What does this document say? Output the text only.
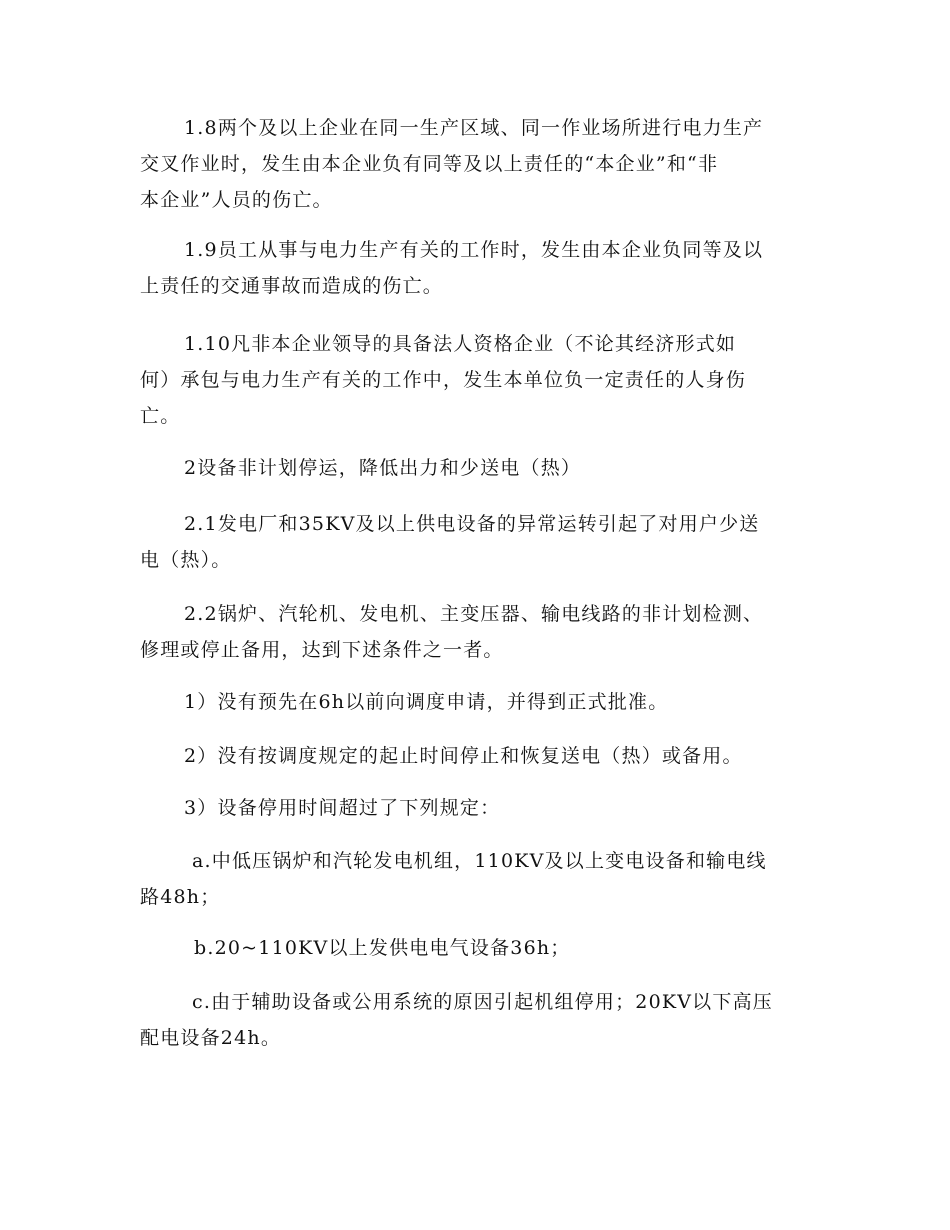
1.8两个及以上企业在同一生产区域、同一作业场所进行电力生产
交叉作业时，发生由本企业负有同等及以上责任的“本企业”和“非
本企业”人员的伤亡。

1.9员工从事与电力生产有关的工作时，发生由本企业负同等及以
上责任的交通事故而造成的伤亡。

1.10凡非本企业领导的具备法人资格企业（不论其经济形式如
何）承包与电力生产有关的工作中，发生本单位负一定责任的人身伤
亡。

2设备非计划停运，降低出力和少送电（热）

2.1发电厂和35KV及以上供电设备的异常运转引起了对用户少送
电（热）。

2.2锅炉、汽轮机、发电机、主变压器、输电线路的非计划检测、
修理或停止备用，达到下述条件之一者。

1）没有预先在6h以前向调度申请，并得到正式批准。

2）没有按调度规定的起止时间停止和恢复送电（热）或备用。

3）设备停用时间超过了下列规定：

a.中低压锅炉和汽轮发电机组，110KV及以上变电设备和输电线
路48h；

b.20~110KV以上发供电电气设备36h；

c.由于辅助设备或公用系统的原因引起机组停用；20KV以下高压
配电设备24h。
